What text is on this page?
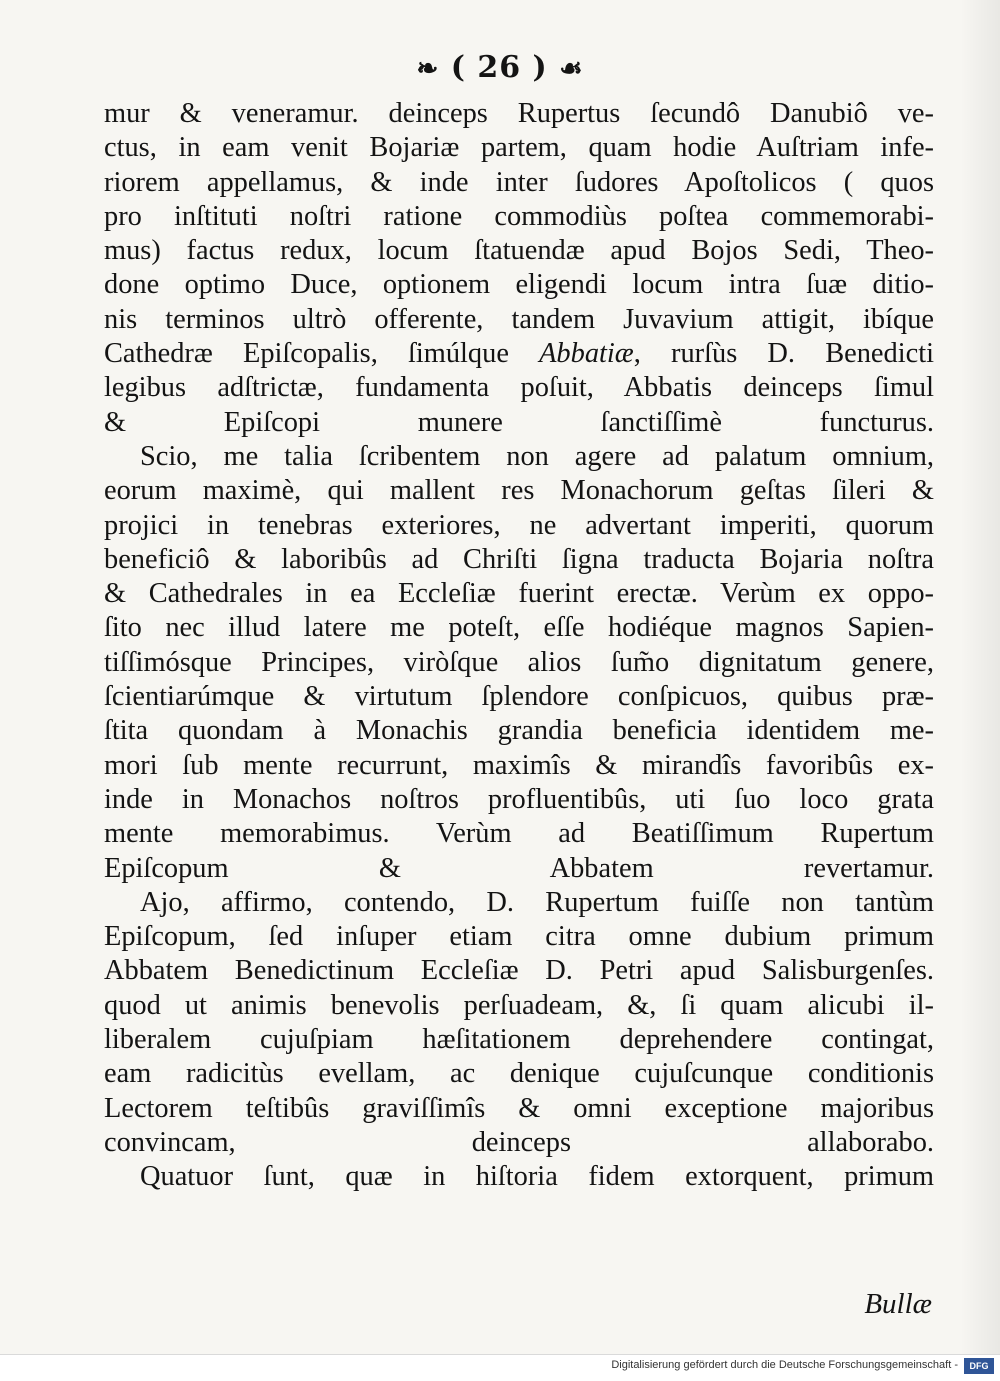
❧ ( 26 ) ☙
mur & veneramur. deinceps Rupertus ſecundô Danubiô ve-
ctus, in eam venit Bojariæ partem, quam hodie Auſtriam infe-
riorem appellamus, & inde inter ſudores Apoſtolicos ( quos
pro inſtituti noſtri ratione commodiùs poſtea commemorabi-
mus) factus redux, locum ſtatuendæ apud Bojos Sedi, Theo-
done optimo Duce, optionem eligendi locum intra ſuæ ditio-
nis terminos ultrò offerente, tandem Juvavium attigit, ibíque
Cathedræ Epiſcopalis, ſimúlque Abbatiæ, rurſùs D. Benedicti
legibus adſtrictæ, fundamenta poſuit, Abbatis deinceps ſimul
& Epiſcopi munere ſanctiſſimè functurus.
Scio, me talia ſcribentem non agere ad palatum omnium,
eorum maximè, qui mallent res Monachorum geſtas ſileri &
projici in tenebras exteriores, ne advertant imperiti, quorum
beneficiô & laboribûs ad Chriſti ſigna traducta Bojaria noſtra
& Cathedrales in ea Eccleſiæ fuerint erectæ. Verùm ex oppo-
ſito nec illud latere me poteſt, eſſe hodiéque magnos Sapien-
tiſſimósque Principes, viròſque alios ſum̃o dignitatum genere,
ſcientiarúmque & virtutum ſplendore conſpicuos, quibus præ-
ſtita quondam à Monachis grandia beneficia identidem me-
mori ſub mente recurrunt, maximîs & mirandîs favoribûs ex-
inde in Monachos noſtros profluentibûs, uti ſuo loco grata
mente memorabimus. Verùm ad Beatiſſimum Rupertum
Epiſcopum & Abbatem revertamur.
Ajo, affirmo, contendo, D. Rupertum fuiſſe non tantùm
Epiſcopum, ſed inſuper etiam citra omne dubium primum
Abbatem Benedictinum Eccleſiæ D. Petri apud Salisburgenſes.
quod ut animis benevolis perſuadeam, &, ſi quam alicubi il-
liberalem cujuſpiam hæſitationem deprehendere contingat,
eam radicitùs evellam, ac denique cujuſcunque conditionis
Lectorem teſtibûs graviſſimîs & omni exceptione majoribus
convincam, deinceps allaborabo.
Quatuor ſunt, quæ in hiſtoria fidem extorquent, primum
Bullæ
Digitalisierung gefördert durch die Deutsche Forschungsgemeinschaft -	DFG
